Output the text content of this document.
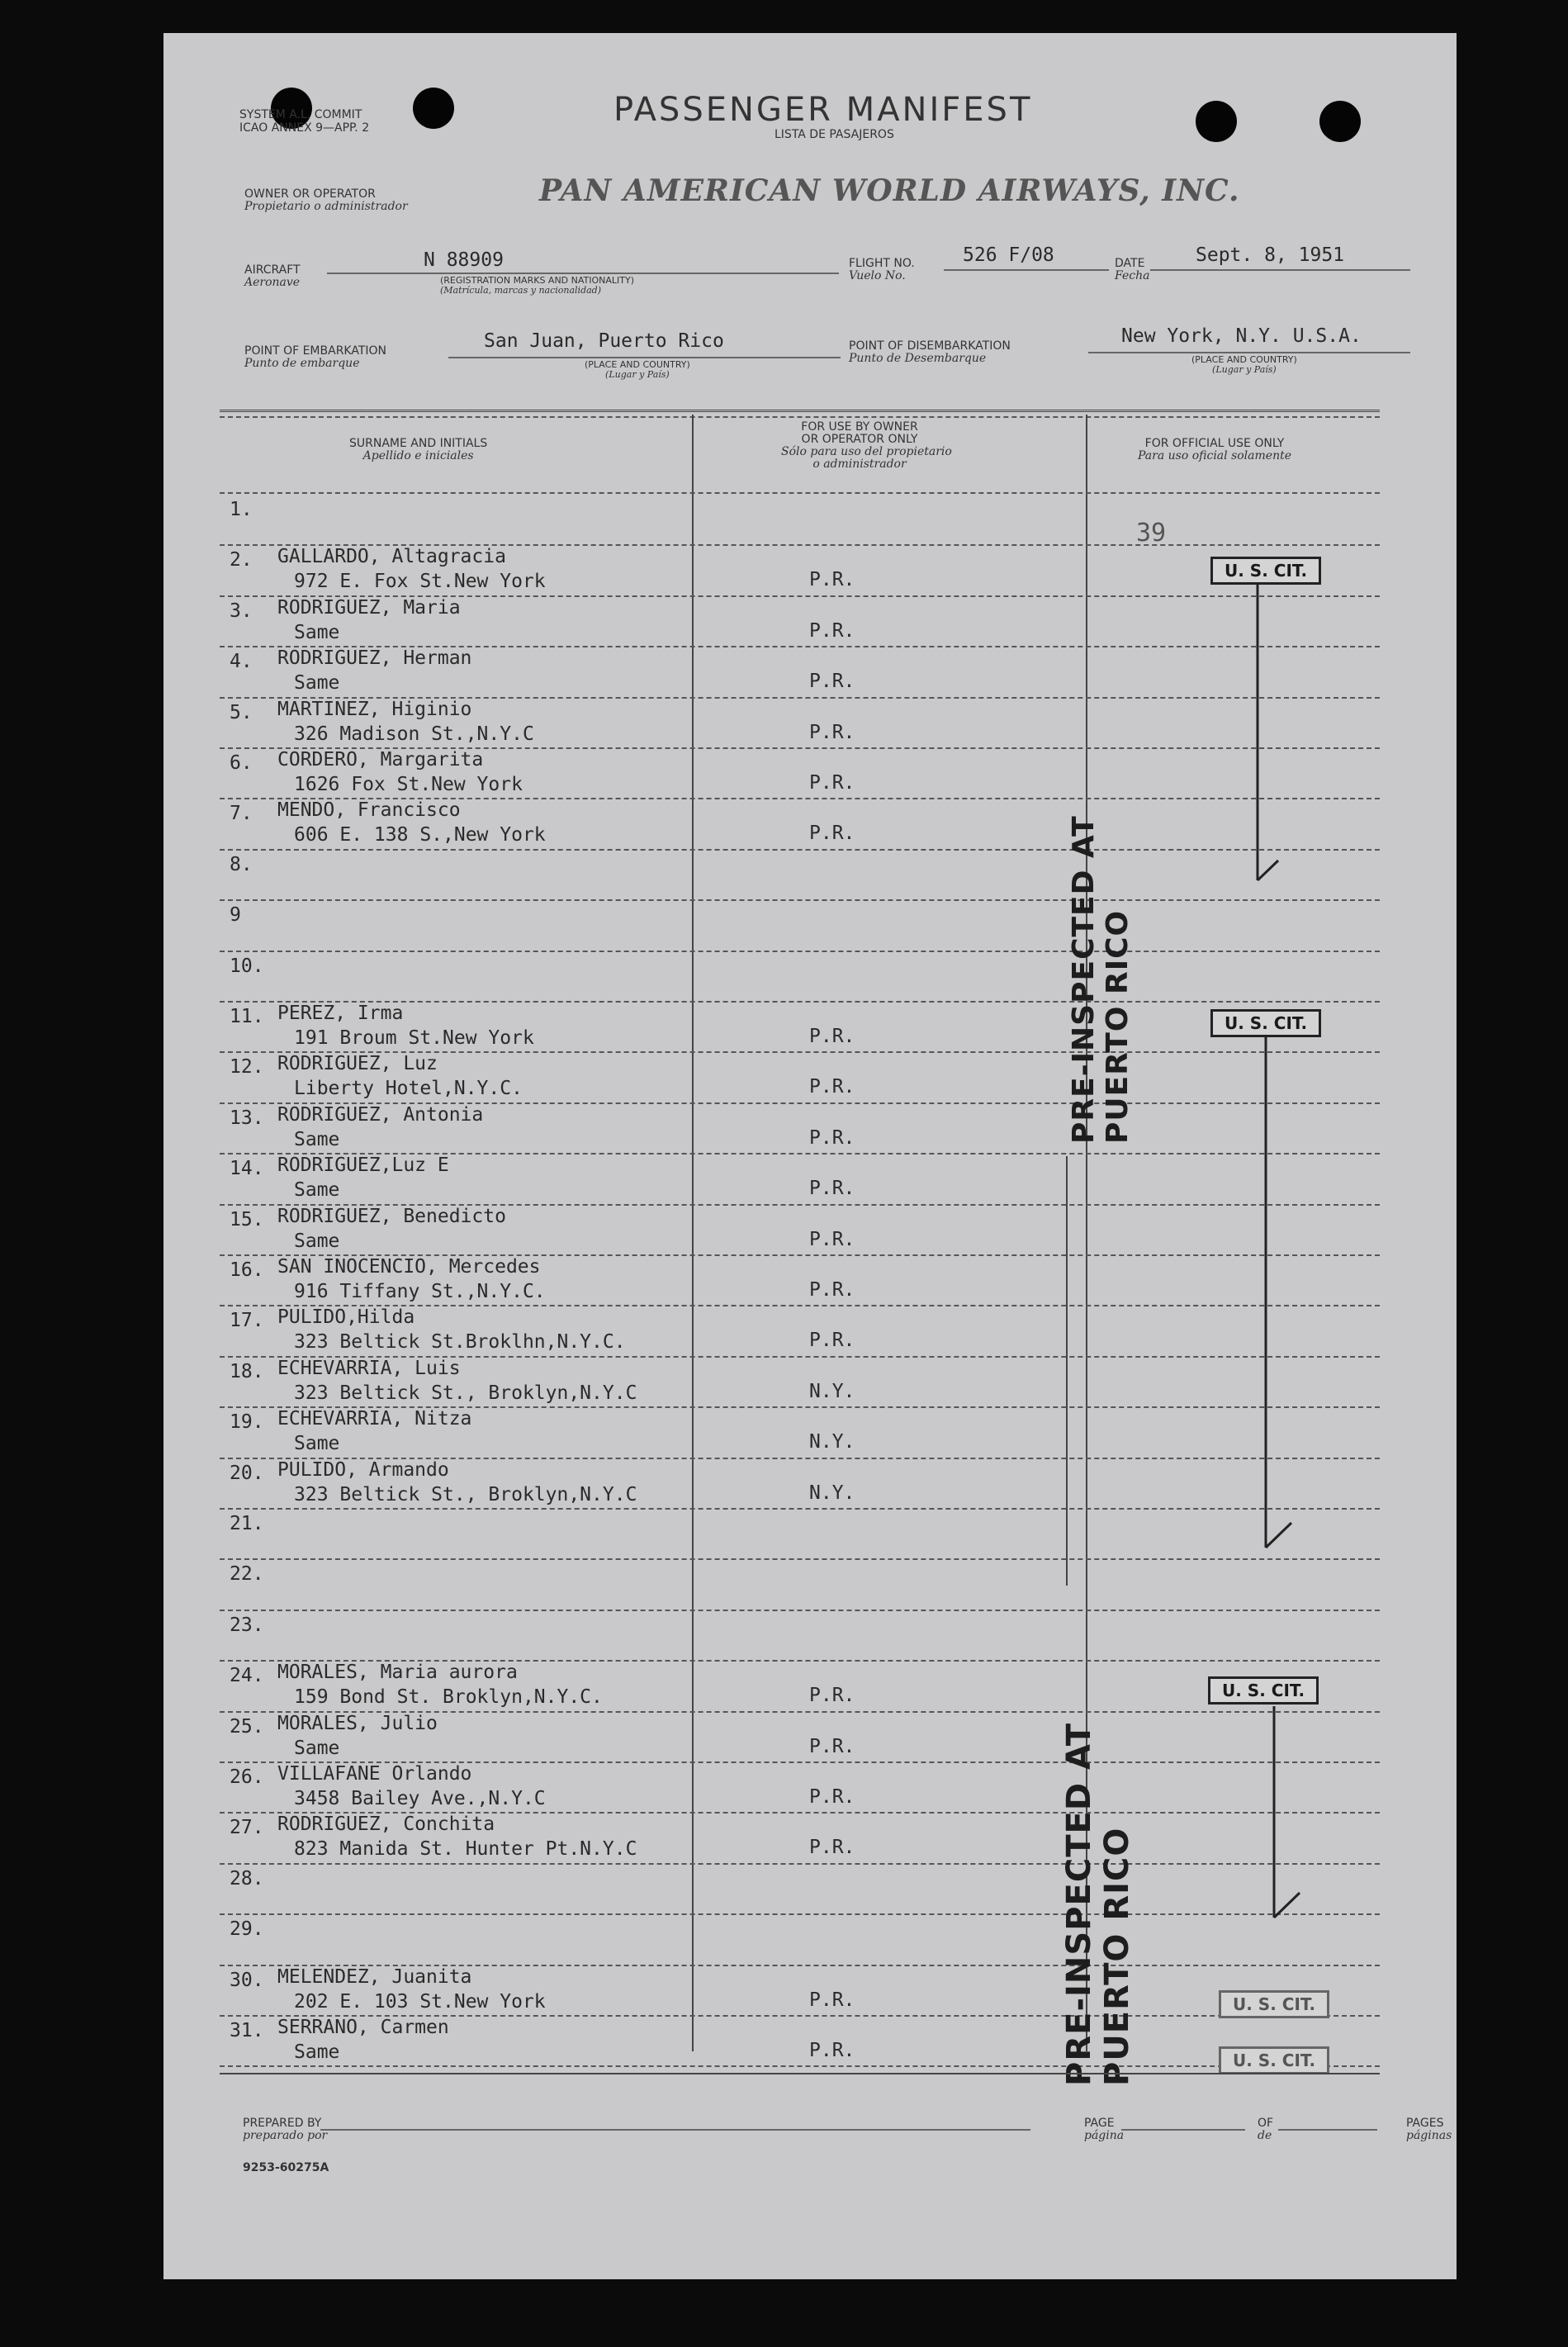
SYSTEM A.L. COMMIT
ICAO ANNEX 9—APP. 2	PASSENGER MANIFEST
LISTA DE PASAJEROS
OWNER OR OPERATOR
Propietario o administrador	PAN AMERICAN WORLD AIRWAYS, INC.
AIRCRAFT
Aeronave
N 88909
(REGISTRATION MARKS AND NATIONALITY)
(Matrícula, marcas y nacionalidad)
FLIGHT NO.
Vuelo No.
526 F/08	DATE
Fecha
Sept. 8, 1951
POINT OF EMBARKATION
Punto de embarque
San Juan, Puerto Rico
(PLACE AND COUNTRY)
(Lugar y País)
POINT OF DISEMBARKATION
Punto de Desembarque
New York, N.Y. U.S.A.
(PLACE AND COUNTRY)
(Lugar y País)
SURNAME AND INITIALS
Apellido e iniciales
FOR USE BY OWNER
OR OPERATOR ONLY
Sólo para uso del propietario
o administrador
FOR OFFICIAL USE ONLY
Para uso oficial solamente
1.
2. GALLARDO, Altagracia
972 E. Fox St.New York	P.R.
3. RODRIGUEZ, Maria
Same	P.R.
4. RODRIGUEZ, Herman
Same	P.R.
5. MARTINEZ, Higinio
326 Madison St.,N.Y.C	P.R.
6. CORDERO, Margarita
1626 Fox St.New York	P.R.
7. MENDO, Francisco
606 E. 138 S.,New York	P.R.
8.
9
10.
11. PEREZ, Irma
191 Broum St.New York	P.R.
12. RODRIGUEZ, Luz
Liberty Hotel,N.Y.C.	P.R.
13. RODRIGUEZ, Antonia
Same	P.R.
14. RODRIGUEZ,Luz E
Same	P.R.
15. RODRIGUEZ, Benedicto
Same	P.R.
16. SAN INOCENCIO, Mercedes
916 Tiffany St.,N.Y.C.	P.R.
17. PULIDO,Hilda
323 Beltick St.Broklhn,N.Y.C.	P.R.
18. ECHEVARRIA, Luis
323 Beltick St., Broklyn,N.Y.C	N.Y.
19. ECHEVARRIA, Nitza
Same	N.Y.
20. PULIDO, Armando
323 Beltick St., Broklyn,N.Y.C	N.Y.
21.
22.
23.
24. MORALES, Maria aurora
159 Bond St. Broklyn,N.Y.C.	P.R.
25. MORALES, Julio
Same	P.R.
26. VILLAFANE Orlando
3458 Bailey Ave.,N.Y.C	P.R.
27. RODRIGUEZ, Conchita
823 Manida St. Hunter Pt.N.Y.C	P.R.
28.
29.
30. MELENDEZ, Juanita
202 E. 103 St.New York	P.R.
31. SERRANO, Carmen
Same	P.R.
39
U. S. CIT.
U. S. CIT.
U. S. CIT.
U. S. CIT.
U. S. CIT.
PRE-INSPECTED AT PUERTO RICO
PRE-INSPECTED AT PUERTO RICO
PREPARED BY
preparado por
PAGE
página
OF
de
PAGES
páginas
9253-60275A
